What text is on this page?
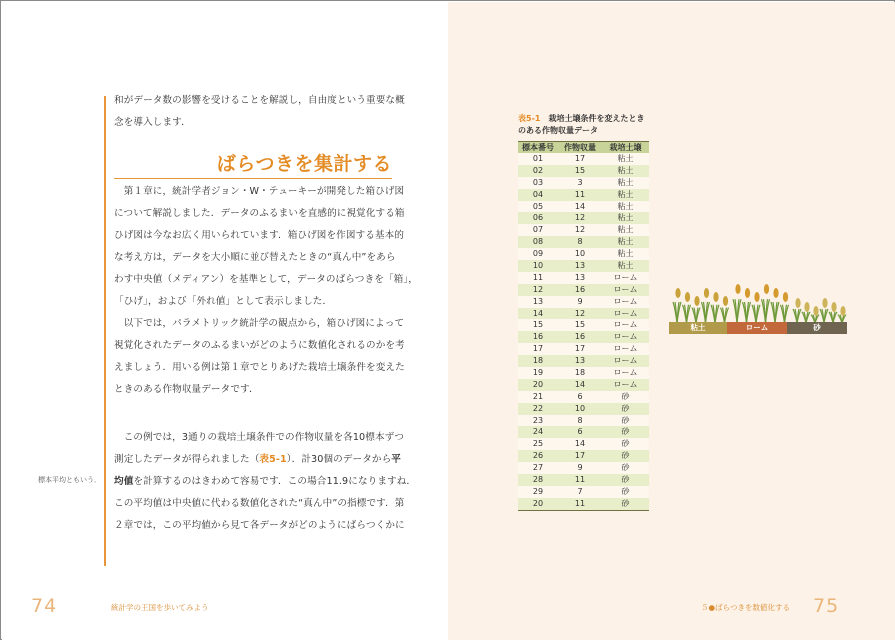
和がデータ数の影響を受けることを解説し，自由度という重要な概
念を導入します．
ばらつきを集計する
　第１章に，統計学者ジョン・W・テューキーが開発した箱ひげ図
について解説しました．データのふるまいを直感的に視覚化する箱
ひげ図は今なお広く用いられています．箱ひげ図を作図する基本的
な考え方は，データを大小順に並び替えたときの“真ん中”をあら
わす中央値（メディアン）を基準として，データのばらつきを「箱」，
「ひげ」，および「外れ値」として表示しました．
　以下では，パラメトリック統計学の観点から，箱ひげ図によって
視覚化されたデータのふるまいがどのように数値化されるのかを考
えましょう．用いる例は第１章でとりあげた栽培土壌条件を変えた
ときのある作物収量データです．
　この例では，3通りの栽培土壌条件での作物収量を各10標本ずつ
測定したデータが得られました（表5-1）．計30個のデータから平
均値を計算するのはきわめて容易です．この場合11.9になりますね．
この平均値は中央値に代わる数値化された“真ん中”の指標です．第
２章では，この平均値から見て各データがどのようにばらつくかに
標本平均ともいう．
74	統計学の王国を歩いてみよう
表5-1　 栽培土壌条件を変えたとき
のある作物収量データ
標本番号	作物収量	栽培土壌
01	17	粘土
02	15	粘土
03	3	粘土
04	11	粘土
05	14	粘土
06	12	粘土
07	12	粘土
08	8	粘土
09	10	粘土
10	13	粘土
11	13	ローム
12	16	ローム
13	9	ローム
14	12	ローム
15	15	ローム
16	16	ローム
17	17	ローム
18	13	ローム
19	18	ローム
20	14	ローム
21	6	砂
22	10	砂
23	8	砂
24	6	砂
25	14	砂
26	17	砂
27	9	砂
28	11	砂
29	7	砂
20	11	砂
粘土	ローム	砂
５●ばらつきを数値化する 75
